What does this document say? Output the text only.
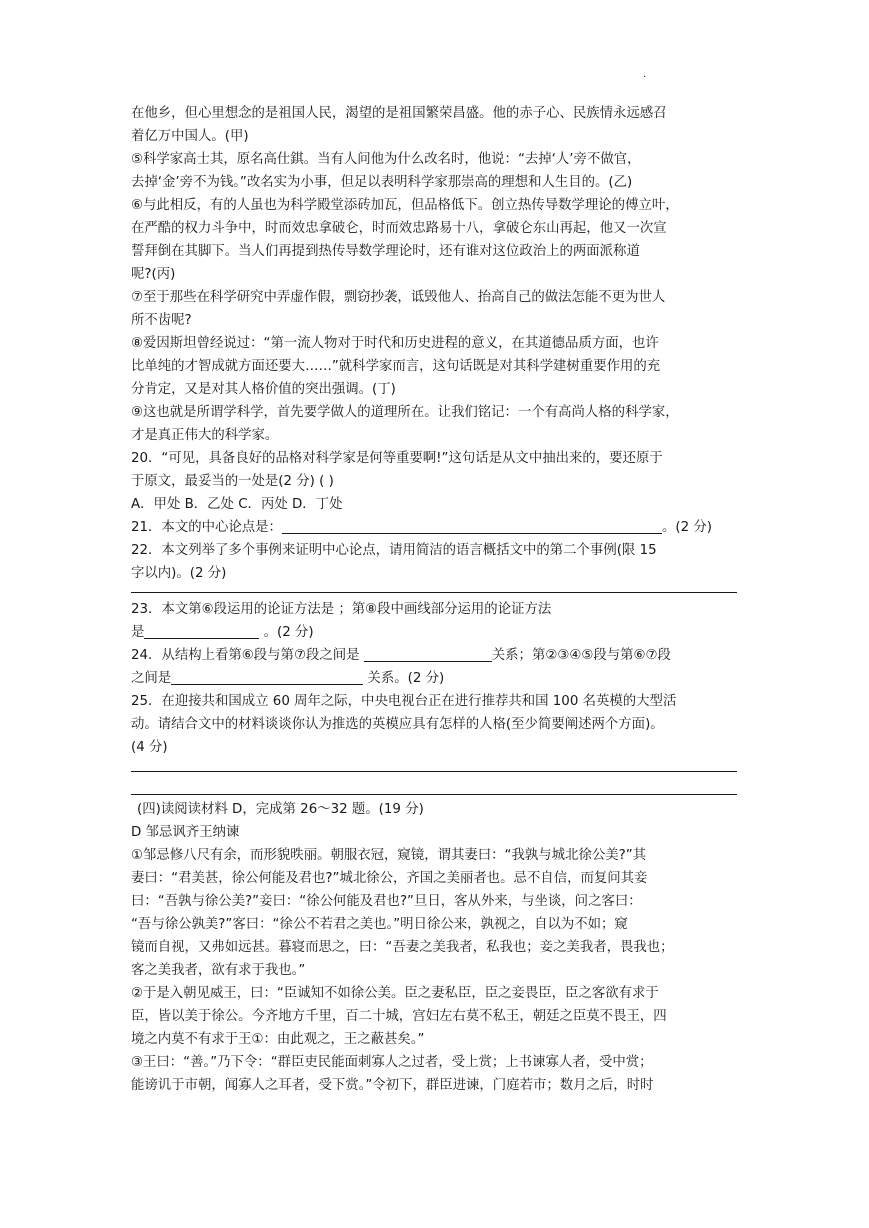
.
在他乡，但心里想念的是祖国人民，渴望的是祖国繁荣昌盛。他的赤子心、民族情永远感召
着亿万中国人。(甲)
⑤科学家高士其，原名高仕錤。当有人问他为什么改名时，他说：“去掉‘人’旁不做官，
去掉‘金’旁不为钱。”改名实为小事，但足以表明科学家那崇高的理想和人生目的。(乙)
⑥与此相反，有的人虽也为科学殿堂添砖加瓦，但品格低下。创立热传导数学理论的傅立叶，
在严酷的权力斗争中，时而效忠拿破仑，时而效忠路易十八，拿破仑东山再起，他又一次宣
誓拜倒在其脚下。当人们再提到热传导数学理论时，还有谁对这位政治上的两面派称道
呢?(丙)
⑦至于那些在科学研究中弄虚作假，剽窃抄袭，诋毁他人、抬高自己的做法怎能不更为世人
所不齿呢?
⑧爱因斯坦曾经说过：“第一流人物对于时代和历史进程的意义，在其道德品质方面，也许
比单纯的才智成就方面还要大……”就科学家而言，这句话既是对其科学建树重要作用的充
分肯定，又是对其人格价值的突出强调。(丁)
⑨这也就是所谓学科学，首先要学做人的道理所在。让我们铭记：一个有高尚人格的科学家，
才是真正伟大的科学家。
20．“可见，具备良好的品格对科学家是何等重要啊!”这句话是从文中抽出来的，要还原于
于原文，最妥当的一处是(2 分) ( )
A．甲处 B．乙处 C．丙处 D．丁处
21．本文的中心论点是：	。(2 分)
22．本文列举了多个事例来证明中心论点，请用简洁的语言概括文中的第二个事例(限 15
字以内)。(2 分)
23．本文第⑥段运用的论证方法是 ；第⑧段中画线部分运用的论证方法
是	。(2 分)
24．从结构上看第⑥段与第⑦段之间是	关系；第②③④⑤段与第⑥⑦段
之间是	关系。(2 分)
25．在迎接共和国成立 60 周年之际，中央电视台正在进行推荐共和国 100 名英模的大型活
动。请结合文中的材料谈谈你认为推选的英模应具有怎样的人格(至少简要阐述两个方面)。
(4 分)
(四)读阅读材料 D，完成第 26～32 题。(19 分)
D 邹忌讽齐王纳谏
①邹忌修八尺有余，而形貌昳丽。朝服衣冠，窥镜，谓其妻曰：“我孰与城北徐公美?”其
妻曰：“君美甚，徐公何能及君也?”城北徐公，齐国之美丽者也。忌不自信，而复问其妾
曰：“吾孰与徐公美?”妾曰：“徐公何能及君也?”旦日，客从外来，与坐谈，问之客曰：
“吾与徐公孰美?”客曰：“徐公不若君之美也。”明日徐公来，孰视之，自以为不如；窥
镜而自视，又弗如远甚。暮寝而思之，曰：“吾妻之美我者，私我也；妾之美我者，畏我也；
客之美我者，欲有求于我也。”
②于是入朝见威王，曰：“臣诚知不如徐公美。臣之妻私臣，臣之妾畏臣，臣之客欲有求于
臣，皆以美于徐公。今齐地方千里，百二十城，宫妇左右莫不私王，朝廷之臣莫不畏王，四
境之内莫不有求于王①：由此观之，王之蔽甚矣。”
③王曰：“善。”乃下令：“群臣吏民能面刺寡人之过者，受上赏；上书谏寡人者，受中赏；
能谤讥于市朝，闻寡人之耳者，受下赏。”令初下，群臣进谏，门庭若市；数月之后，时时
